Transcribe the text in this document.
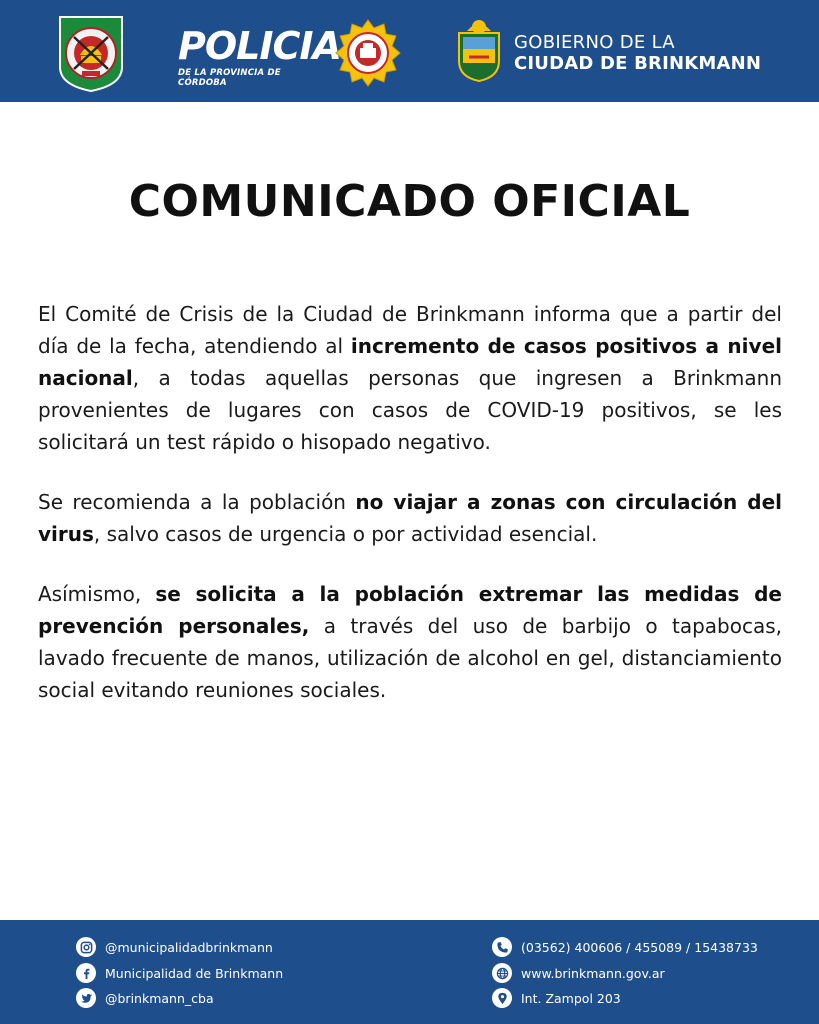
POLICIA
DE LA PROVINCIA DE CÓRDOBA
GOBIERNO DE LA
CIUDAD DE BRINKMANN
COMUNICADO OFICIAL

El Comité de Crisis de la Ciudad de Brinkmann informa que a partir del día de la fecha, atendiendo al incremento de casos positivos a nivel nacional, a todas aquellas personas que ingresen a Brinkmann provenientes de lugares con casos de COVID-19 positivos, se les solicitará un test rápido o hisopado negativo.

Se recomienda a la población no viajar a zonas con circulación del virus, salvo casos de urgencia o por actividad esencial.

Asímismo, se solicita a la población extremar las medidas de prevención personales, a través del uso de barbijo o tapabocas, lavado frecuente de manos, utilización de alcohol en gel, distanciamiento social evitando reuniones sociales.

@municipalidadbrinkmann
Municipalidad de Brinkmann
@brinkmann_cba
(03562) 400606 / 455089 / 15438733
www.brinkmann.gov.ar
Int. Zampol 203
